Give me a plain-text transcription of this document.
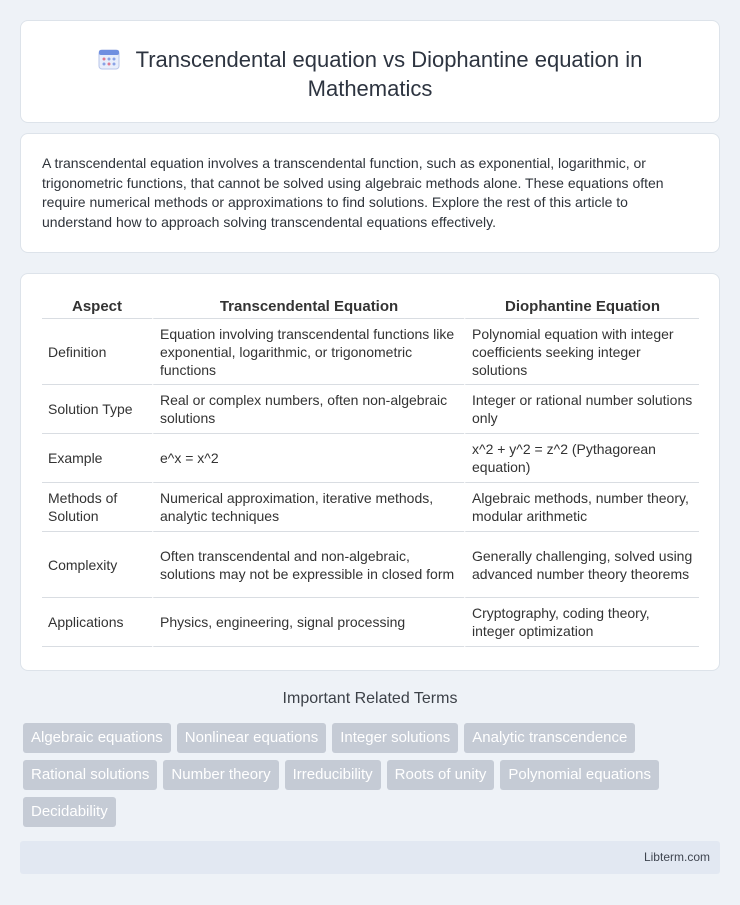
Transcendental equation vs Diophantine equation in Mathematics

A transcendental equation involves a transcendental function, such as exponential, logarithmic, or trigonometric functions, that cannot be solved using algebraic methods alone. These equations often require numerical methods or approximations to find solutions. Explore the rest of this article to understand how to approach solving transcendental equations effectively.

Aspect	Transcendental Equation	Diophantine Equation
Definition	Equation involving transcendental functions like exponential, logarithmic, or trigonometric functions	Polynomial equation with integer coefficients seeking integer solutions
Solution Type	Real or complex numbers, often non-algebraic solutions	Integer or rational number solutions only
Example	e^x = x^2	x^2 + y^2 = z^2 (Pythagorean equation)
Methods of Solution	Numerical approximation, iterative methods, analytic techniques	Algebraic methods, number theory, modular arithmetic
Complexity	Often transcendental and non-algebraic, solutions may not be expressible in closed form	Generally challenging, solved using advanced number theory theorems
Applications	Physics, engineering, signal processing	Cryptography, coding theory, integer optimization
Important Related Terms
Algebraic equations	Nonlinear equations	Integer solutions	Analytic transcendence
Rational solutions	Number theory	Irreducibility	Roots of unity	Polynomial equations
Decidability
Libterm.com
